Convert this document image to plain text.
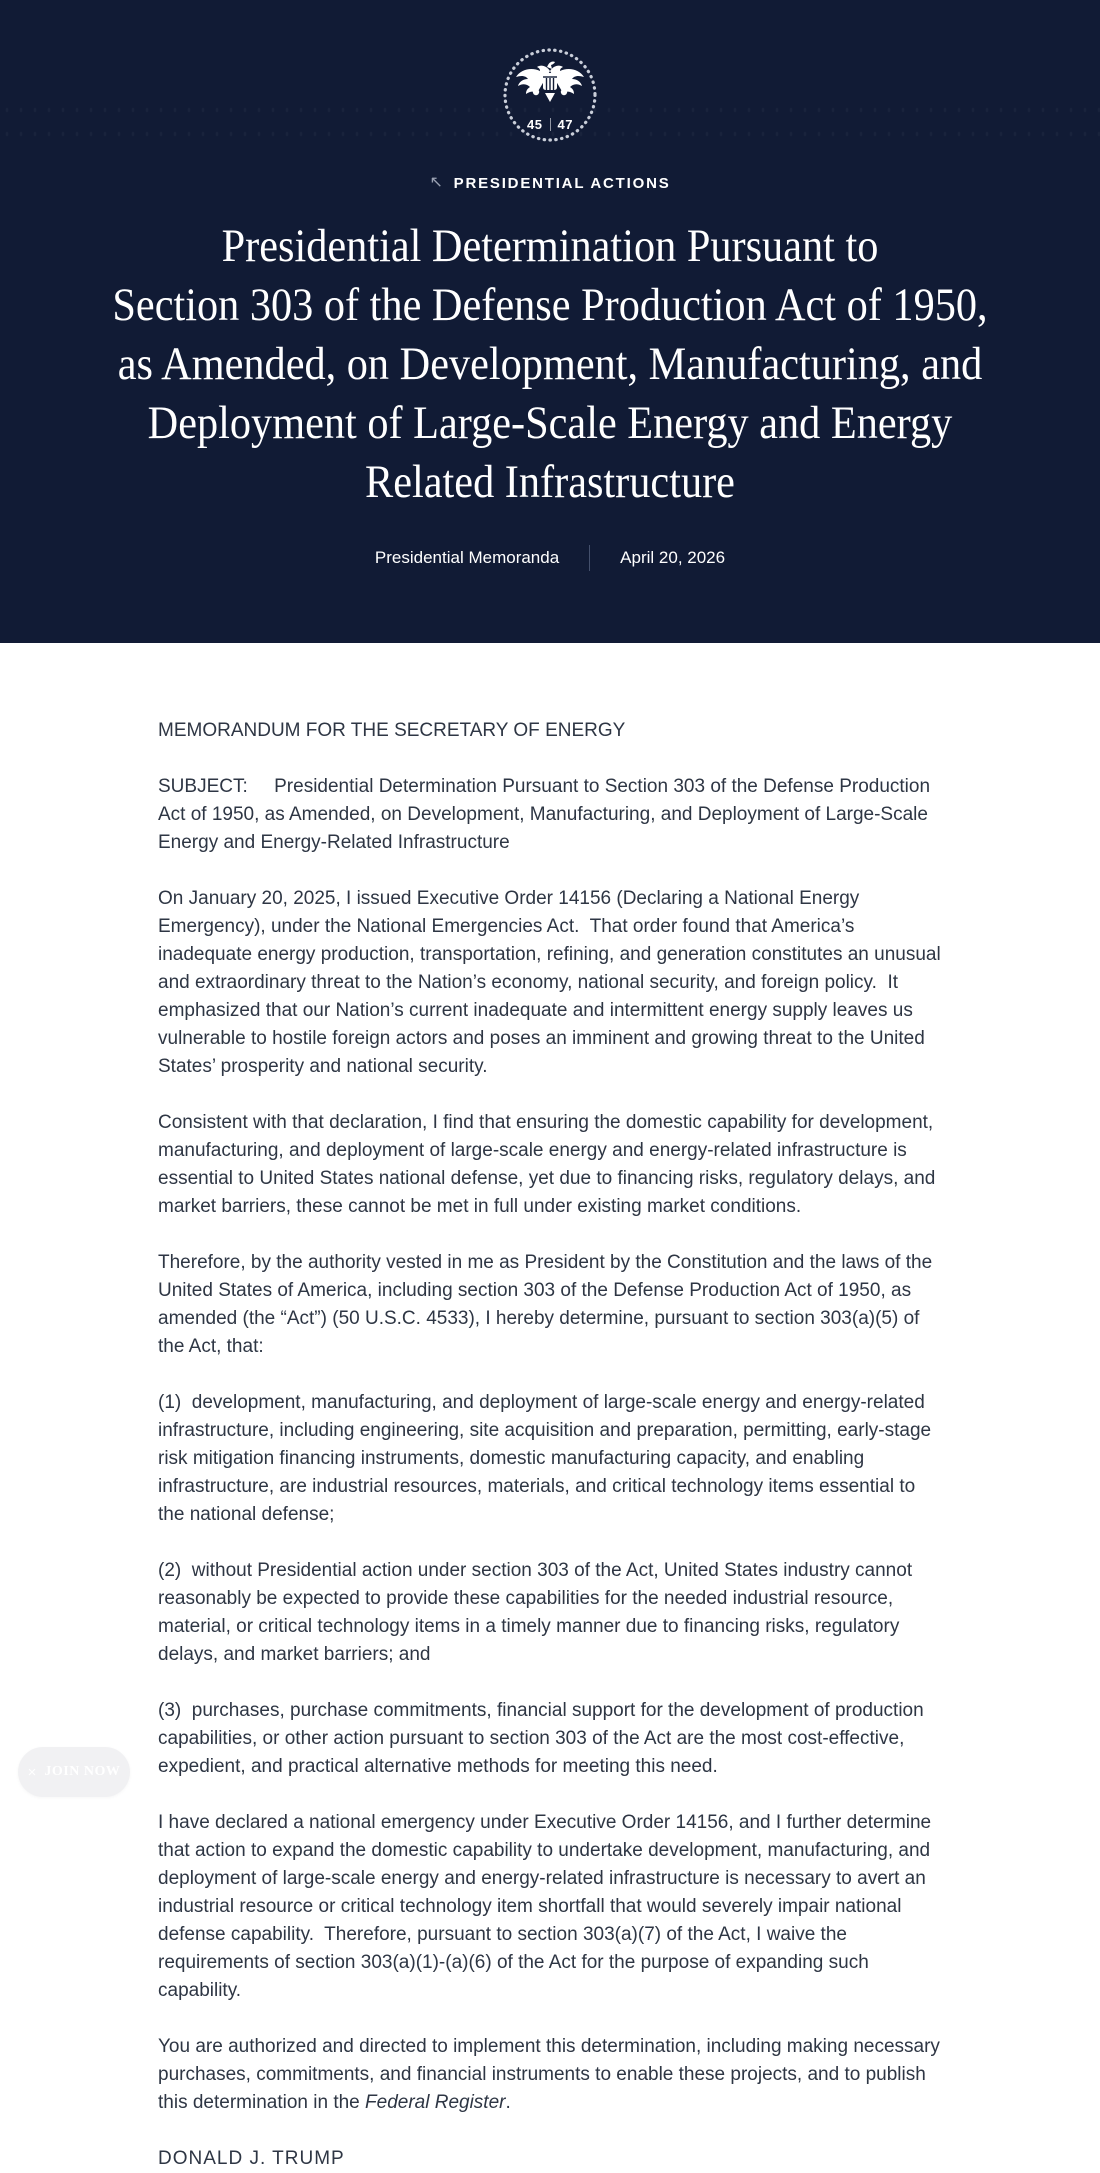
45 47
↖ PRESIDENTIAL ACTIONS
Presidential Determination Pursuant to
Section 303 of the Defense Production Act of 1950,
as Amended, on Development, Manufacturing, and
Deployment of Large-Scale Energy and Energy
Related Infrastructure
Presidential Memoranda	April 20, 2026

MEMORANDUM FOR THE SECRETARY OF ENERGY

SUBJECT:     Presidential Determination Pursuant to Section 303 of the Defense Production Act of 1950, as Amended, on Development, Manufacturing, and Deployment of Large-Scale Energy and Energy-Related Infrastructure

On January 20, 2025, I issued Executive Order 14156 (Declaring a National Energy Emergency), under the National Emergencies Act.  That order found that America’s inadequate energy production, transportation, refining, and generation constitutes an unusual and extraordinary threat to the Nation’s economy, national security, and foreign policy.  It emphasized that our Nation’s current inadequate and intermittent energy supply leaves us vulnerable to hostile foreign actors and poses an imminent and growing threat to the United States’ prosperity and national security.

Consistent with that declaration, I find that ensuring the domestic capability for development, manufacturing, and deployment of large-scale energy and energy-related infrastructure is essential to United States national defense, yet due to financing risks, regulatory delays, and market barriers, these cannot be met in full under existing market conditions.

Therefore, by the authority vested in me as President by the Constitution and the laws of the United States of America, including section 303 of the Defense Production Act of 1950, as amended (the “Act”) (50 U.S.C. 4533), I hereby determine, pursuant to section 303(a)(5) of the Act, that:

(1)  development, manufacturing, and deployment of large-scale energy and energy-related infrastructure, including engineering, site acquisition and preparation, permitting, early-stage risk mitigation financing instruments, domestic manufacturing capacity, and enabling infrastructure, are industrial resources, materials, and critical technology items essential to the national defense;

(2)  without Presidential action under section 303 of the Act, United States industry cannot reasonably be expected to provide these capabilities for the needed industrial resource, material, or critical technology items in a timely manner due to financing risks, regulatory delays, and market barriers; and

(3)  purchases, purchase commitments, financial support for the development of production capabilities, or other action pursuant to section 303 of the Act are the most cost-effective, expedient, and practical alternative methods for meeting this need.

I have declared a national emergency under Executive Order 14156, and I further determine that action to expand the domestic capability to undertake development, manufacturing, and deployment of large-scale energy and energy-related infrastructure is necessary to avert an industrial resource or critical technology item shortfall that would severely impair national defense capability.  Therefore, pursuant to section 303(a)(7) of the Act, I waive the requirements of section 303(a)(1)-(a)(6) of the Act for the purpose of expanding such capability.

You are authorized and directed to implement this determination, including making necessary purchases, commitments, and financial instruments to enable these projects, and to publish this determination in the Federal Register.

DONALD J. TRUMP

× JOIN NOW
